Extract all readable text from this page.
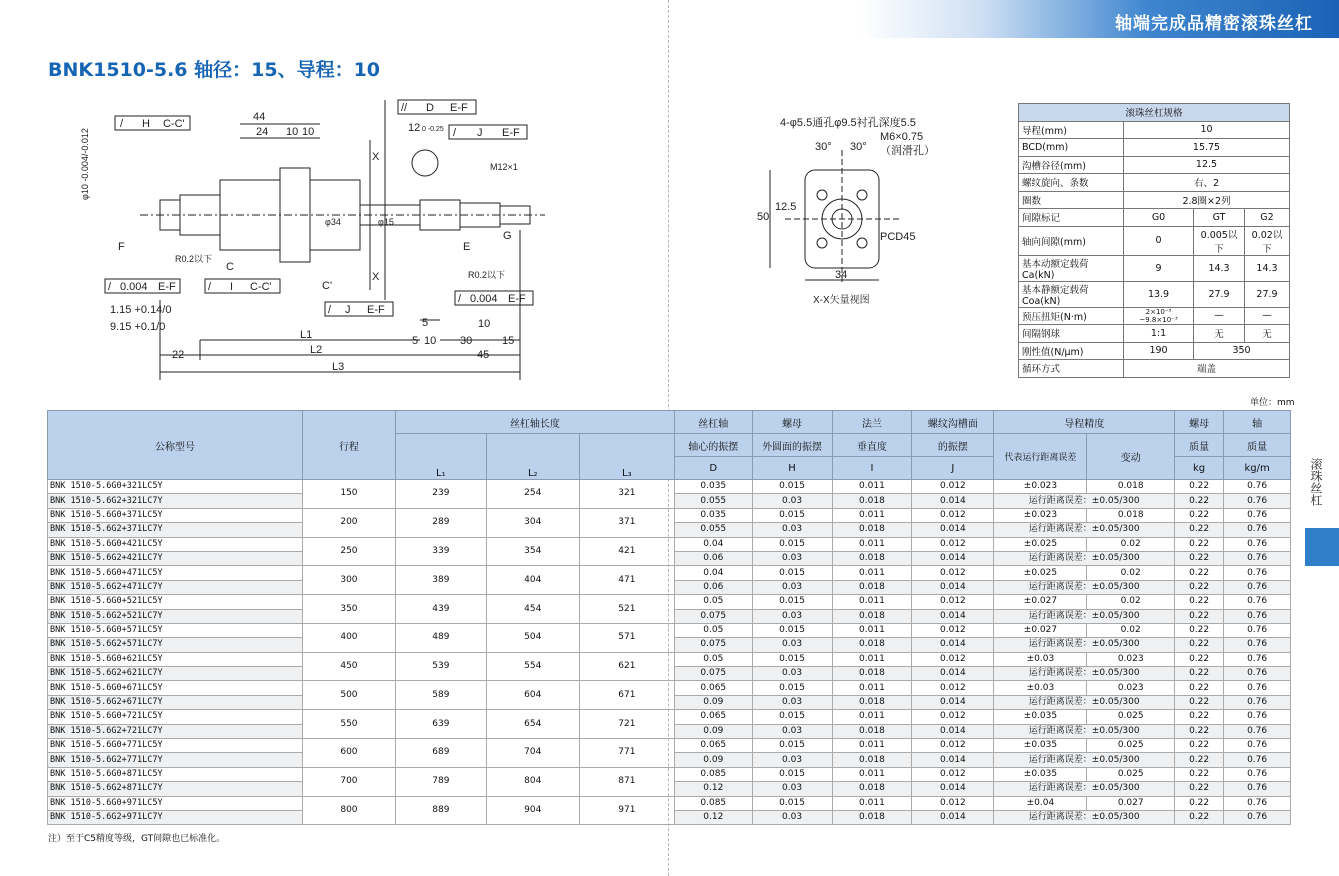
轴端完成品精密滚珠丝杠
BNK1510-5.6 轴径：15、导程：10
44
24 10 10
/ H C-C'
// D E-F
/ J E-F
12 0 -0.25
/ 0.004 E-F	/ I C-C'
/ J E-F
/ 0.004 E-F
1.15 +0.14/0
9.15 +0.1/0
22
L1
L2
L3
5
5 10 30
10
15
45
φ10 -0.004/-0.012	X
X
F	E
G
C
C'
φ34	φ15
M12×1
R0.2以下
R0.2以下
4-φ5.5通孔φ9.5衬孔深度5.5
M6×0.75
（润滑孔）
30° 30°
50
12.5
34
PCD45
X-X矢量视图
滚珠丝杠规格			
导程(mm)	10		
BCD(mm)	15.75		
沟槽谷径(mm)	12.5		
螺纹旋向、条数	右、2		
圈数	2.8圈×2列		
间隙标记	G0	GT	G2
轴向间隙(mm)	0	0.005以下	0.02以下
基本动额定载荷Ca(kN)	9	14.3	14.3
基本静额定载荷Coa(kN)	13.9	27.9	27.9
预压扭矩(N·m)	2×10⁻³ ~9.8×10⁻³	—	—
间隔钢球	1:1	无	无
刚性值(N/μm)	190	350	
循环方式	端盖		
单位：mm
公称型号	行程	丝杠轴长度			丝杠轴	螺母	法兰	螺纹沟槽面	导程精度		螺母	轴
		L₁	L₂	L₃	轴心的振摆	外圆面的振摆	垂直度	的振摆	代表运行距离误差	变动	质量	质量
					D	H	I	J			kg	kg/m
BNK 1510-5.6G0+321LC5Y	150	239	254	321	0.035	0.015	0.011	0.012	±0.023	0.018	0.22	0.76
BNK 1510-5.6G2+321LC7Y					0.055	0.03	0.018	0.014	运行距离误差：±0.05/300		0.22	0.76
BNK 1510-5.6G0+371LC5Y	200	289	304	371	0.035	0.015	0.011	0.012	±0.023	0.018	0.22	0.76
BNK 1510-5.6G2+371LC7Y					0.055	0.03	0.018	0.014	运行距离误差：±0.05/300		0.22	0.76
BNK 1510-5.6G0+421LC5Y	250	339	354	421	0.04	0.015	0.011	0.012	±0.025	0.02	0.22	0.76
BNK 1510-5.6G2+421LC7Y					0.06	0.03	0.018	0.014	运行距离误差：±0.05/300		0.22	0.76
BNK 1510-5.6G0+471LC5Y	300	389	404	471	0.04	0.015	0.011	0.012	±0.025	0.02	0.22	0.76
BNK 1510-5.6G2+471LC7Y					0.06	0.03	0.018	0.014	运行距离误差：±0.05/300		0.22	0.76
BNK 1510-5.6G0+521LC5Y	350	439	454	521	0.05	0.015	0.011	0.012	±0.027	0.02	0.22	0.76
BNK 1510-5.6G2+521LC7Y					0.075	0.03	0.018	0.014	运行距离误差：±0.05/300		0.22	0.76
BNK 1510-5.6G0+571LC5Y	400	489	504	571	0.05	0.015	0.011	0.012	±0.027	0.02	0.22	0.76
BNK 1510-5.6G2+571LC7Y					0.075	0.03	0.018	0.014	运行距离误差：±0.05/300		0.22	0.76
BNK 1510-5.6G0+621LC5Y	450	539	554	621	0.05	0.015	0.011	0.012	±0.03	0.023	0.22	0.76
BNK 1510-5.6G2+621LC7Y					0.075	0.03	0.018	0.014	运行距离误差：±0.05/300		0.22	0.76
BNK 1510-5.6G0+671LC5Y	500	589	604	671	0.065	0.015	0.011	0.012	±0.03	0.023	0.22	0.76
BNK 1510-5.6G2+671LC7Y					0.09	0.03	0.018	0.014	运行距离误差：±0.05/300		0.22	0.76
BNK 1510-5.6G0+721LC5Y	550	639	654	721	0.065	0.015	0.011	0.012	±0.035	0.025	0.22	0.76
BNK 1510-5.6G2+721LC7Y					0.09	0.03	0.018	0.014	运行距离误差：±0.05/300		0.22	0.76
BNK 1510-5.6G0+771LC5Y	600	689	704	771	0.065	0.015	0.011	0.012	±0.035	0.025	0.22	0.76
BNK 1510-5.6G2+771LC7Y					0.09	0.03	0.018	0.014	运行距离误差：±0.05/300		0.22	0.76
BNK 1510-5.6G0+871LC5Y	700	789	804	871	0.085	0.015	0.011	0.012	±0.035	0.025	0.22	0.76
BNK 1510-5.6G2+871LC7Y					0.12	0.03	0.018	0.014	运行距离误差：±0.05/300		0.22	0.76
BNK 1510-5.6G0+971LC5Y	800	889	904	971	0.085	0.015	0.011	0.012	±0.04	0.027	0.22	0.76
BNK 1510-5.6G2+971LC7Y					0.12	0.03	0.018	0.014	运行距离误差：±0.05/300		0.22	0.76
注）至于C5精度等级，GT间隙也已标准化。
滚珠丝杠
